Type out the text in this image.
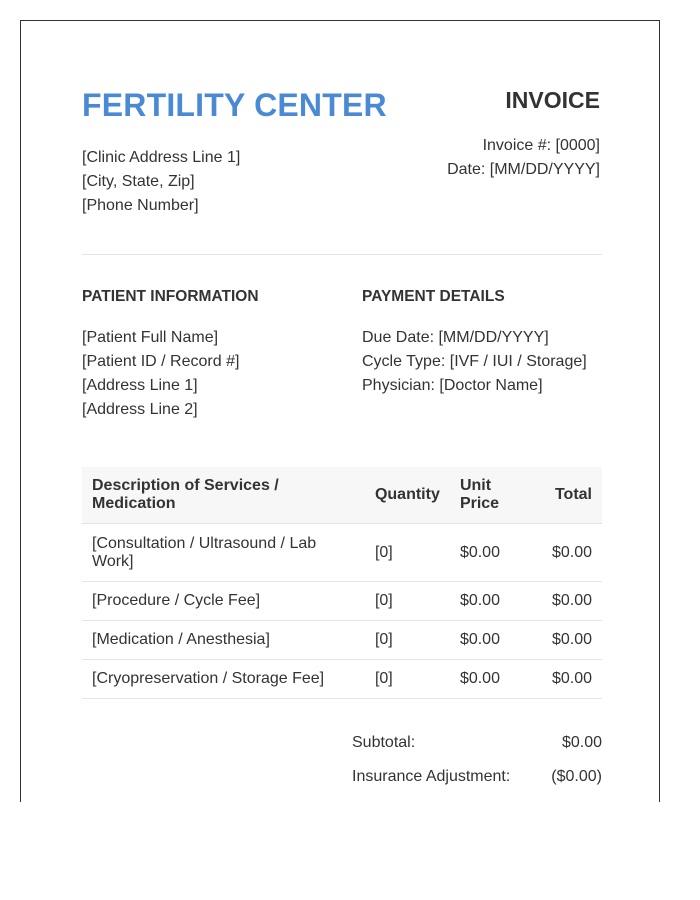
FERTILITY CENTER	INVOICE
[Clinic Address Line 1]
[City, State, Zip]
[Phone Number]
Invoice #: [0000]
Date: [MM/DD/YYYY]
PATIENT INFORMATION
[Patient Full Name]
[Patient ID / Record #]
[Address Line 1]
[Address Line 2]
PAYMENT DETAILS
Due Date: [MM/DD/YYYY]
Cycle Type: [IVF / IUI / Storage]
Physician: [Doctor Name]
Description of Services / Medication	Quantity	Unit Price	Total
[Consultation / Ultrasound / Lab Work]	[0]	$0.00	$0.00
[Procedure / Cycle Fee]	[0]	$0.00	$0.00
[Medication / Anesthesia]	[0]	$0.00	$0.00
[Cryopreservation / Storage Fee]	[0]	$0.00	$0.00
Subtotal:	$0.00
Insurance Adjustment:	($0.00)
